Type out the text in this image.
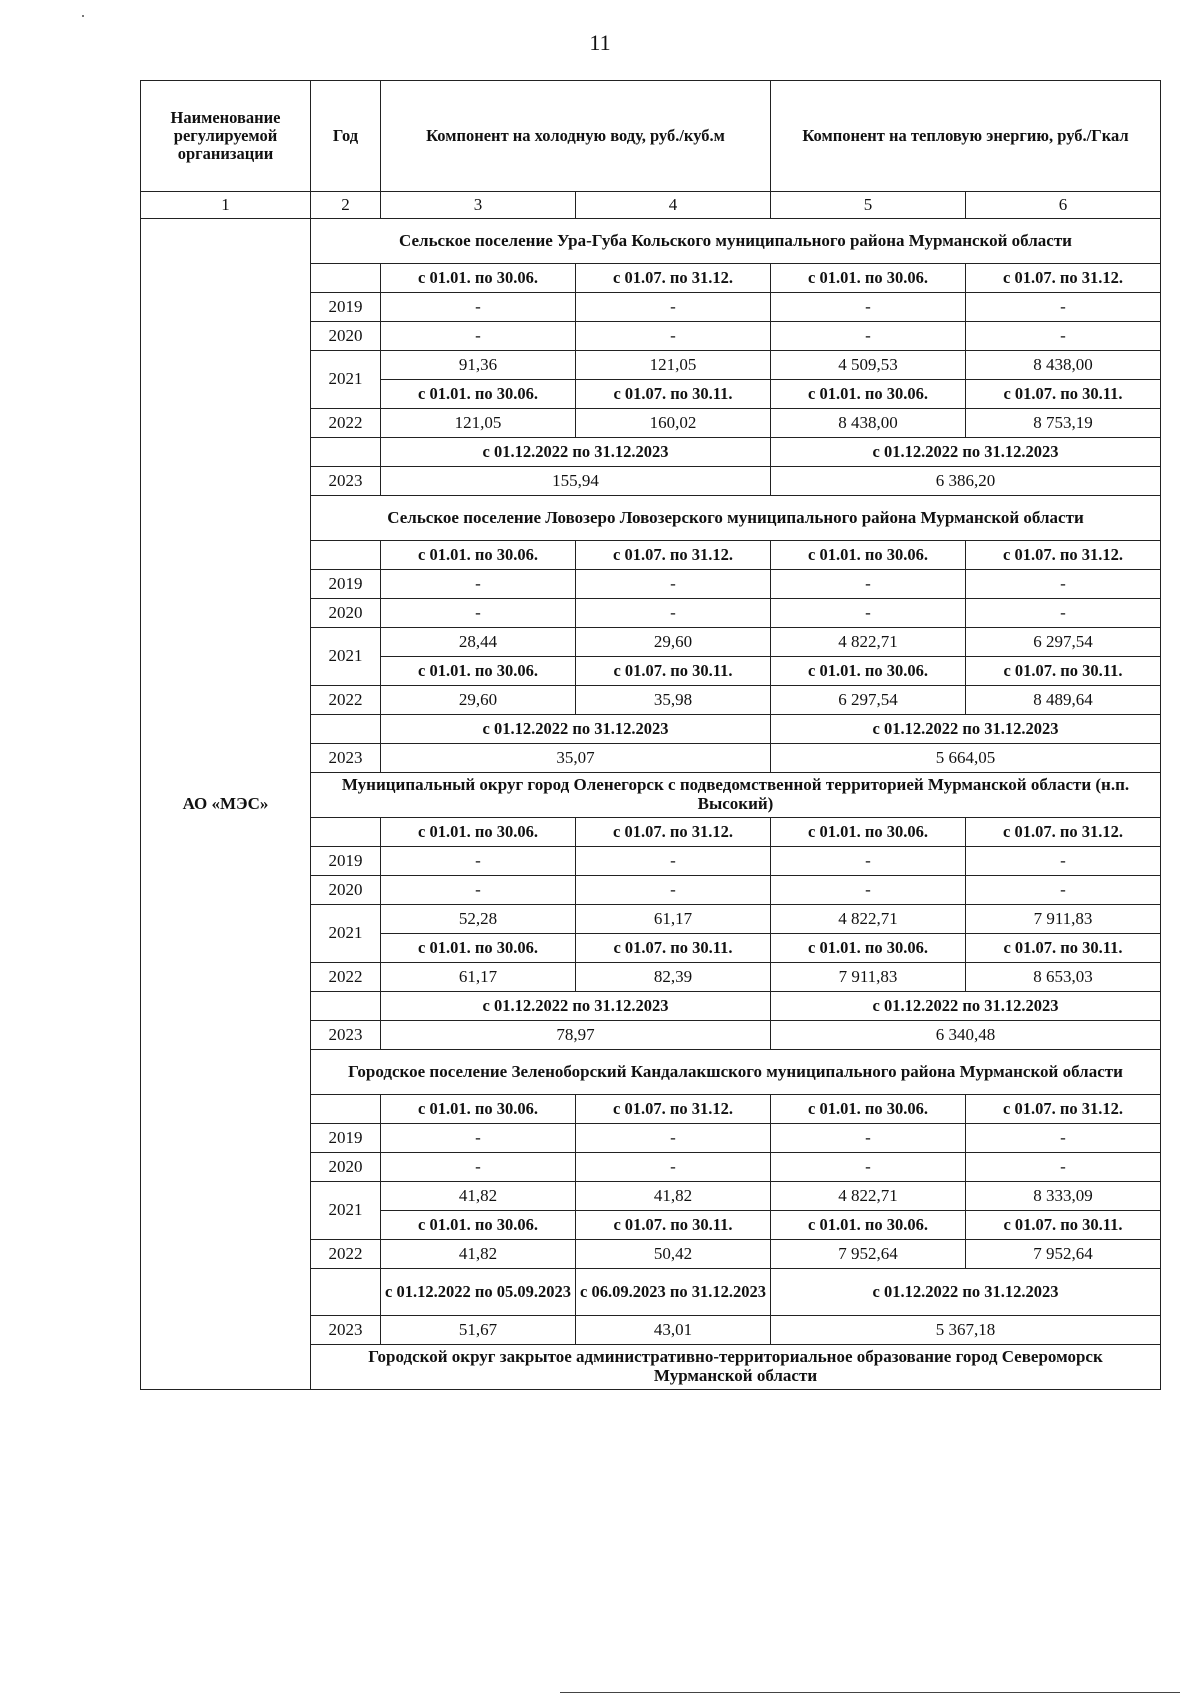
11
Наименование регулируемой организации	Год	Компонент на холодную воду, руб./куб.м		Компонент на тепловую энергию, руб./Гкал	
1	2	3	4	5	6
АО «МЭС»	Сельское поселение Ура-Губа Кольского муниципального района Мурманской области				
		с 01.01. по 30.06.	с 01.07. по 31.12.	с 01.01. по 30.06.	с 01.07. по 31.12.
	2019	-	-	-	-
	2020	-	-	-	-
	2021	91,36	121,05	4 509,53	8 438,00
		с 01.01. по 30.06.	с 01.07. по 30.11.	с 01.01. по 30.06.	с 01.07. по 30.11.
	2022	121,05	160,02	8 438,00	8 753,19
		с 01.12.2022 по 31.12.2023		с 01.12.2022 по 31.12.2023	
	2023	155,94		6 386,20	
	Сельское поселение Ловозеро Ловозерского муниципального района Мурманской области				
		с 01.01. по 30.06.	с 01.07. по 31.12.	с 01.01. по 30.06.	с 01.07. по 31.12.
	2019	-	-	-	-
	2020	-	-	-	-
	2021	28,44	29,60	4 822,71	6 297,54
		с 01.01. по 30.06.	с 01.07. по 30.11.	с 01.01. по 30.06.	с 01.07. по 30.11.
	2022	29,60	35,98	6 297,54	8 489,64
		с 01.12.2022 по 31.12.2023		с 01.12.2022 по 31.12.2023	
	2023	35,07		5 664,05	
	Муниципальный округ город Оленегорск с подведомственной территорией Мурманской области (н.п. Высокий)				
		с 01.01. по 30.06.	с 01.07. по 31.12.	с 01.01. по 30.06.	с 01.07. по 31.12.
	2019	-	-	-	-
	2020	-	-	-	-
	2021	52,28	61,17	4 822,71	7 911,83
		с 01.01. по 30.06.	с 01.07. по 30.11.	с 01.01. по 30.06.	с 01.07. по 30.11.
	2022	61,17	82,39	7 911,83	8 653,03
		с 01.12.2022 по 31.12.2023		с 01.12.2022 по 31.12.2023	
	2023	78,97		6 340,48	
	Городское поселение Зеленоборский Кандалакшского муниципального района Мурманской области				
		с 01.01. по 30.06.	с 01.07. по 31.12.	с 01.01. по 30.06.	с 01.07. по 31.12.
	2019	-	-	-	-
	2020	-	-	-	-
	2021	41,82	41,82	4 822,71	8 333,09
		с 01.01. по 30.06.	с 01.07. по 30.11.	с 01.01. по 30.06.	с 01.07. по 30.11.
	2022	41,82	50,42	7 952,64	7 952,64
		с 01.12.2022 по 05.09.2023	с 06.09.2023 по 31.12.2023	с 01.12.2022 по 31.12.2023	
	2023	51,67	43,01	5 367,18	
	Городской округ закрытое административно-территориальное образование город Североморск Мурманской области				
